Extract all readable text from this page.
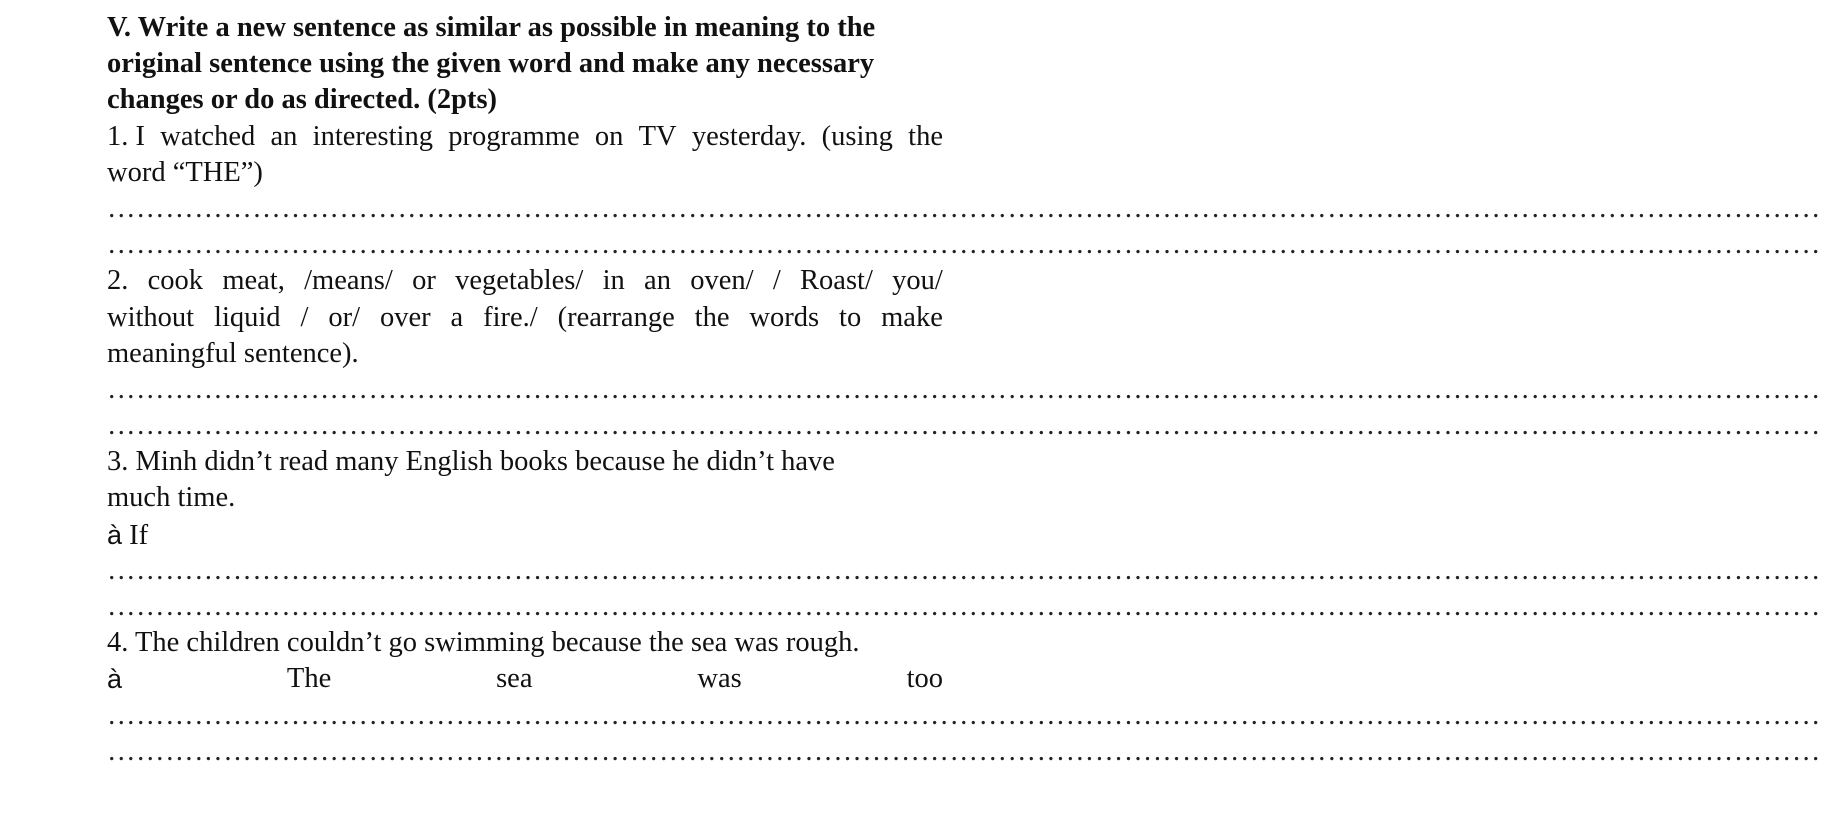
V. Write a new sentence as similar as possible in meaning to the
original sentence using the given word and make any necessary
changes or do as directed. (2pts)
1. I watched an interesting programme on TV yesterday. (using the
word “THE”)
……………………………………………………………………………………………………………………………………………………………
……………………………………………………………………………………………………………………………………………………………
2. cook meat, /means/ or vegetables/ in an oven/ / Roast/ you/
without liquid / or/ over a fire./ (rearrange the words to make
meaningful sentence).
……………………………………………………………………………………………………………………………………………………………
……………………………………………………………………………………………………………………………………………………………
3. Minh didn’t read many English books because he didn’t have
much time.
à If
……………………………………………………………………………………………………………………………………………………………
……………………………………………………………………………………………………………………………………………………………
4. The children couldn’t go swimming because the sea was rough.
à	The	sea	was	too
……………………………………………………………………………………………………………………………………………………………
……………………………………………………………………………………………………………………………………………………………
